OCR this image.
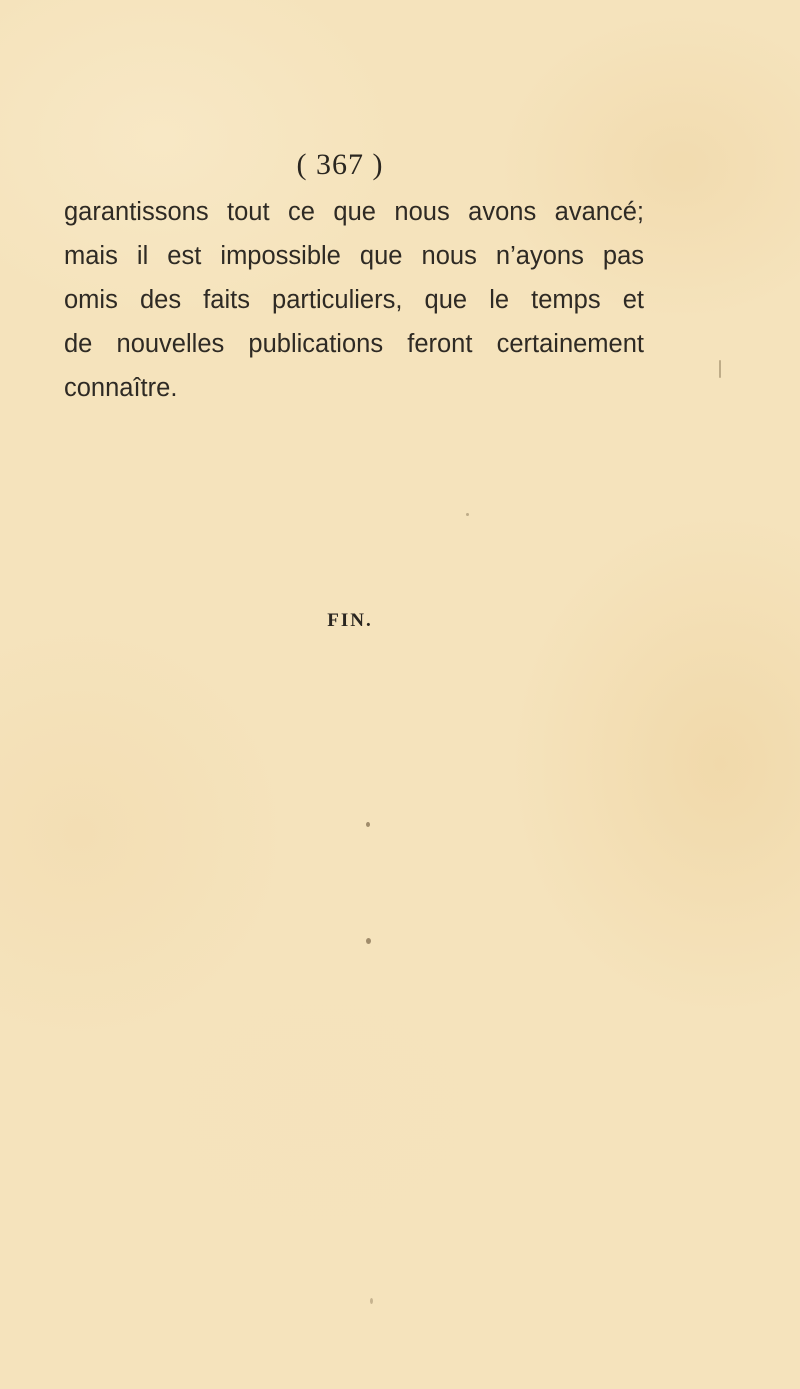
( 367 )

garantissons tout ce que nous avons avancé;
mais il est impossible que nous n’ayons pas
omis des faits particuliers, que le temps et
de nouvelles publications feront certainement
connaître.

FIN.
